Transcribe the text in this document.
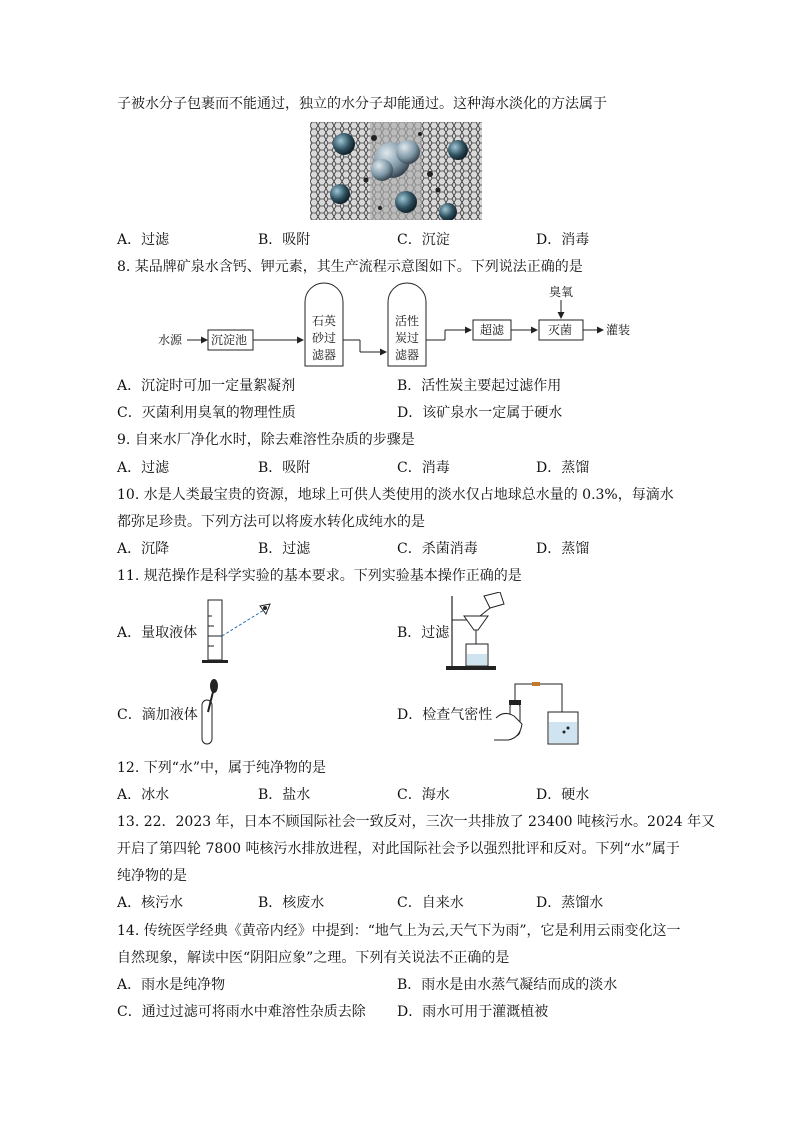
子被水分子包裹而不能通过，独立的水分子却能通过。这种海水淡化的方法属于
A．过滤	B．吸附	C．沉淀	D．消毒
8. 某品牌矿泉水含钙、钾元素，其生产流程示意图如下。下列说法正确的是
水源 沉淀池
石英
砂过
滤器
活性
炭过
滤器
超滤	灭菌
臭氧
灌装
A．沉淀时可加一定量絮凝剂	B．活性炭主要起过滤作用
C．灭菌利用臭氧的物理性质	D．该矿泉水一定属于硬水
9. 自来水厂净化水时，除去难溶性杂质的步骤是
A．过滤	B．吸附	C．消毒	D．蒸馏
10. 水是人类最宝贵的资源，地球上可供人类使用的淡水仅占地球总水量的 0.3%，每滴水
都弥足珍贵。下列方法可以将废水转化成纯水的是
A．沉降	B．过滤	C．杀菌消毒	D．蒸馏
11. 规范操作是科学实验的基本要求。下列实验基本操作正确的是
A．量取液体	B．过滤
C．滴加液体	D．检查气密性
12. 下列“水”中，属于纯净物的是
A．冰水	B．盐水	C．海水	D．硬水
13. 22．2023 年，日本不顾国际社会一致反对，三次一共排放了 23400 吨核污水。2024 年又
开启了第四轮 7800 吨核污水排放进程，对此国际社会予以强烈批评和反对。下列“水”属于
纯净物的是
A．核污水	B．核废水	C．自来水	D．蒸馏水
14. 传统医学经典《黄帝内经》中提到：“地气上为云,天气下为雨”，它是利用云雨变化这一
自然现象，解读中医“阴阳应象”之理。下列有关说法不正确的是
A．雨水是纯净物	B．雨水是由水蒸气凝结而成的淡水
C．通过过滤可将雨水中难溶性杂质去除 D．雨水可用于灌溉植被
